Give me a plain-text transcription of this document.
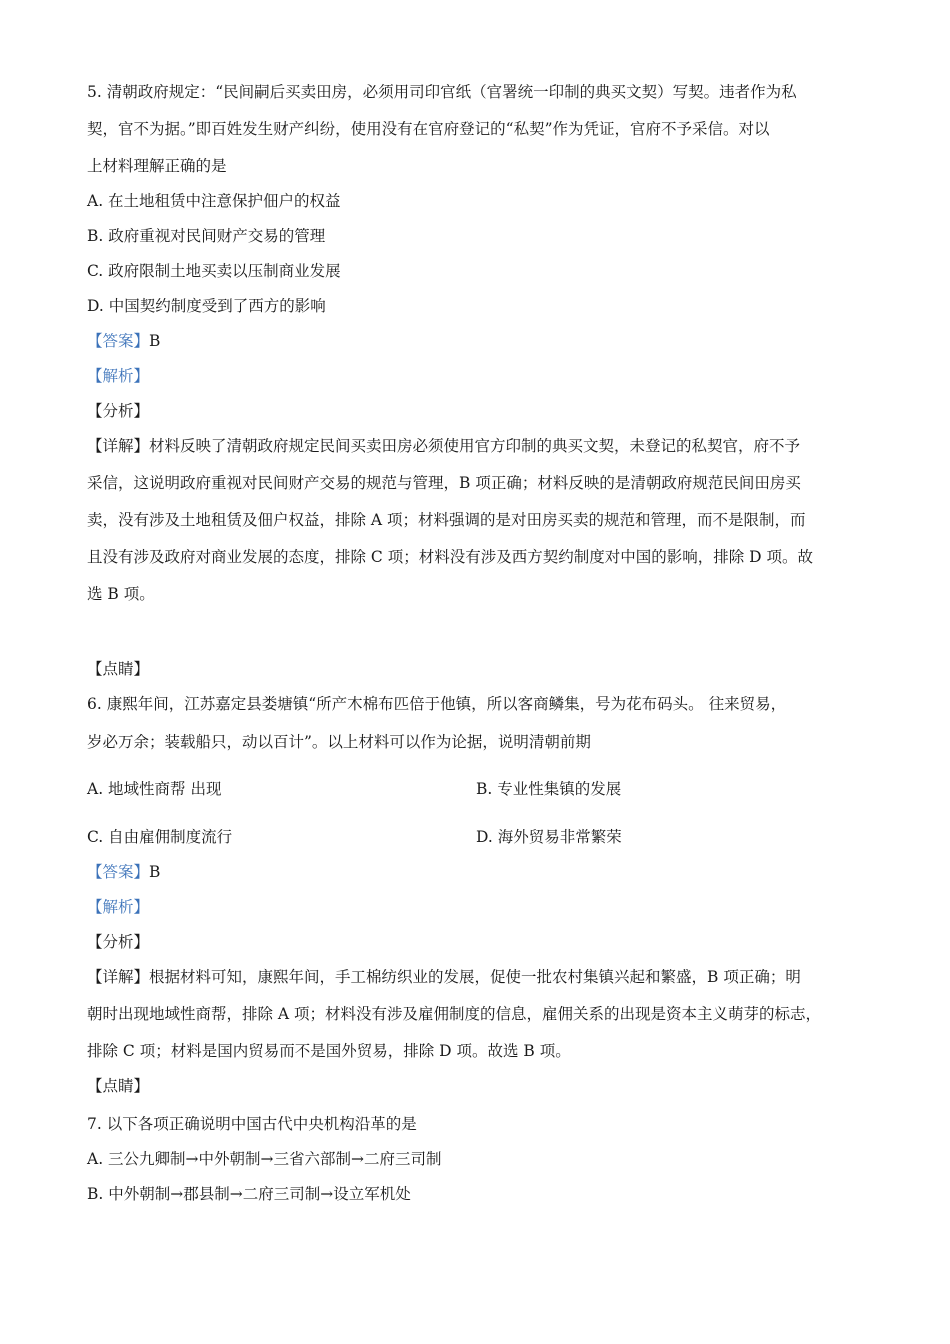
5. 清朝政府规定：“民间嗣后买卖田房，必须用司印官纸（官署统一印制的典买文契）写契。违者作为私
契，官不为据。”即百姓发生财产纠纷，使用没有在官府登记的“私契”作为凭证，官府不予采信。对以
上材料理解正确的是
A. 在土地租赁中注意保护佃户的权益
B. 政府重视对民间财产交易的管理
C. 政府限制土地买卖以压制商业发展
D. 中国契约制度受到了西方的影响
【答案】B
【解析】
【分析】
【详解】材料反映了清朝政府规定民间买卖田房必须使用官方印制的典买文契，未登记的私契官，府不予
采信，这说明政府重视对民间财产交易的规范与管理，B 项正确；材料反映的是清朝政府规范民间田房买
卖，没有涉及土地租赁及佃户权益，排除 A 项；材料强调的是对田房买卖的规范和管理，而不是限制，而
且没有涉及政府对商业发展的态度，排除 C 项；材料没有涉及西方契约制度对中国的影响，排除 D 项。故
选 B 项。
【点睛】
6. 康熙年间，江苏嘉定县娄塘镇“所产木棉布匹倍于他镇，所以客商鳞集，号为花布码头。 往来贸易，
岁必万余；装载船只，动以百计”。以上材料可以作为论据，说明清朝前期
A. 地域性商帮 出现	B. 专业性集镇的发展
C. 自由雇佣制度流行	D. 海外贸易非常繁荣
【答案】B
【解析】
【分析】
【详解】根据材料可知，康熙年间，手工棉纺织业的发展，促使一批农村集镇兴起和繁盛，B 项正确；明
朝时出现地域性商帮，排除 A 项；材料没有涉及雇佣制度的信息，雇佣关系的出现是资本主义萌芽的标志，
排除 C 项；材料是国内贸易而不是国外贸易，排除 D 项。故选 B 项。
【点睛】
7. 以下各项正确说明中国古代中央机构沿革的是
A. 三公九卿制→中外朝制→三省六部制→二府三司制
B. 中外朝制→郡县制→二府三司制→设立军机处
